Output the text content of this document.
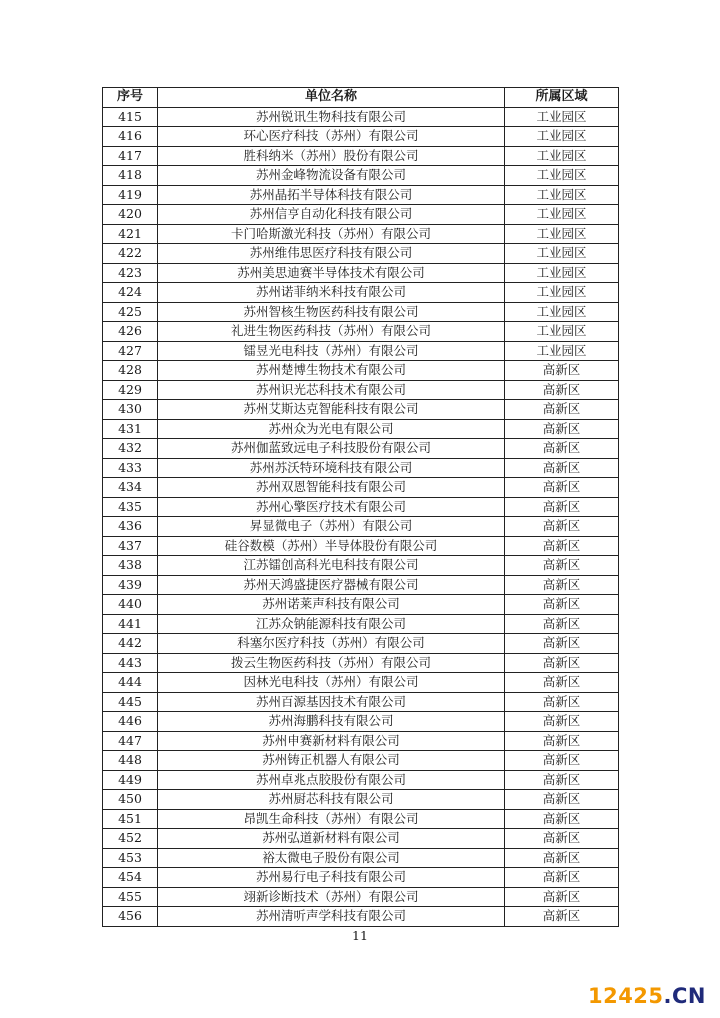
序号	单位名称	所属区域
415	苏州锐讯生物科技有限公司	工业园区
416	环心医疗科技（苏州）有限公司	工业园区
417	胜科纳米（苏州）股份有限公司	工业园区
418	苏州金峰物流设备有限公司	工业园区
419	苏州晶拓半导体科技有限公司	工业园区
420	苏州信亨自动化科技有限公司	工业园区
421	卡门哈斯激光科技（苏州）有限公司	工业园区
422	苏州维伟思医疗科技有限公司	工业园区
423	苏州美思迪赛半导体技术有限公司	工业园区
424	苏州诺菲纳米科技有限公司	工业园区
425	苏州智核生物医药科技有限公司	工业园区
426	礼进生物医药科技（苏州）有限公司	工业园区
427	镭昱光电科技（苏州）有限公司	工业园区
428	苏州楚博生物技术有限公司	高新区
429	苏州识光芯科技术有限公司	高新区
430	苏州艾斯达克智能科技有限公司	高新区
431	苏州众为光电有限公司	高新区
432	苏州伽蓝致远电子科技股份有限公司	高新区
433	苏州苏沃特环境科技有限公司	高新区
434	苏州双恩智能科技有限公司	高新区
435	苏州心擎医疗技术有限公司	高新区
436	昇显微电子（苏州）有限公司	高新区
437	硅谷数模（苏州）半导体股份有限公司	高新区
438	江苏镭创高科光电科技有限公司	高新区
439	苏州天鸿盛捷医疗器械有限公司	高新区
440	苏州诺莱声科技有限公司	高新区
441	江苏众钠能源科技有限公司	高新区
442	科塞尔医疗科技（苏州）有限公司	高新区
443	拨云生物医药科技（苏州）有限公司	高新区
444	因林光电科技（苏州）有限公司	高新区
445	苏州百源基因技术有限公司	高新区
446	苏州海鹏科技有限公司	高新区
447	苏州申赛新材料有限公司	高新区
448	苏州铸正机器人有限公司	高新区
449	苏州卓兆点胶股份有限公司	高新区
450	苏州厨芯科技有限公司	高新区
451	昂凯生命科技（苏州）有限公司	高新区
452	苏州弘道新材料有限公司	高新区
453	裕太微电子股份有限公司	高新区
454	苏州易行电子科技有限公司	高新区
455	翊新诊断技术（苏州）有限公司	高新区
456	苏州清听声学科技有限公司	高新区
11
12425.CN
